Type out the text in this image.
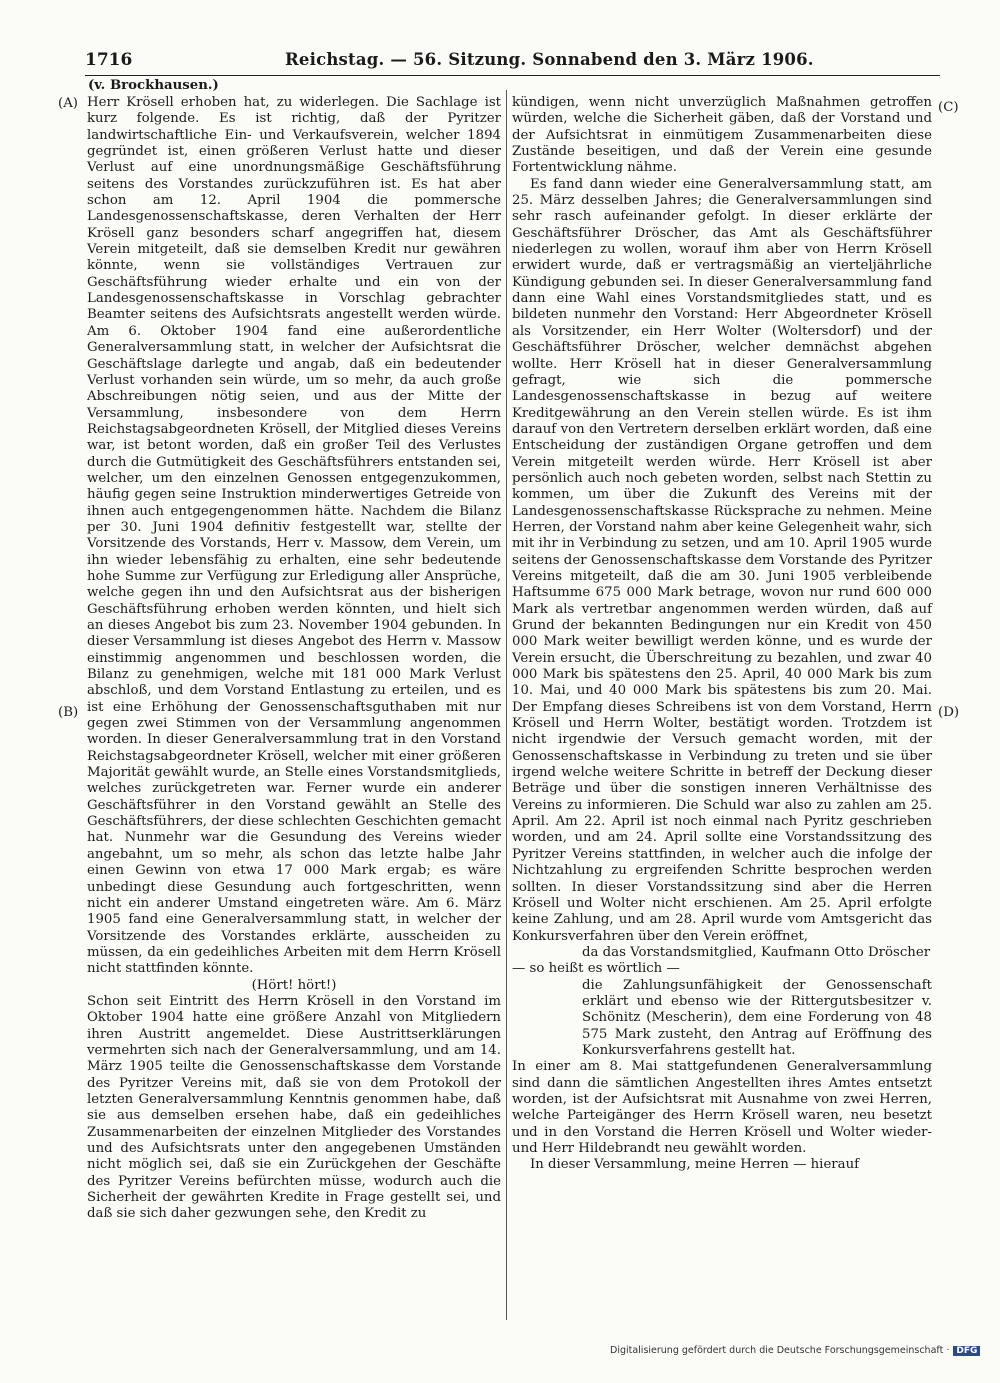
1716	Reichstag. — 56. Sitzung. Sonnabend den 3. März 1906.
(v. Brockhausen.)
(A)
(B)
(C)
(D)

Herr Krösell erhoben hat, zu widerlegen. Die Sachlage ist kurz folgende. Es ist richtig, daß der Pyritzer landwirtschaftliche Ein- und Verkaufsverein, welcher 1894 gegründet ist, einen größeren Verlust hatte und dieser Verlust auf eine unordnungsmäßige Geschäftsführung seitens des Vorstandes zurückzuführen ist. Es hat aber schon am 12. April 1904 die pommersche Landesgenossenschaftskasse, deren Verhalten der Herr Krösell ganz besonders scharf angegriffen hat, diesem Verein mitgeteilt, daß sie demselben Kredit nur gewähren könnte, wenn sie vollständiges Vertrauen zur Geschäftsführung wieder erhalte und ein von der Landesgenossenschaftskasse in Vorschlag gebrachter Beamter seitens des Aufsichtsrats angestellt werden würde. Am 6. Oktober 1904 fand eine außerordentliche Generalversammlung statt, in welcher der Aufsichtsrat die Geschäftslage darlegte und angab, daß ein bedeutender Verlust vorhanden sein würde, um so mehr, da auch große Abschreibungen nötig seien, und aus der Mitte der Versammlung, insbesondere von dem Herrn Reichstagsabgeordneten Krösell, der Mitglied dieses Vereins war, ist betont worden, daß ein großer Teil des Verlustes durch die Gutmütigkeit des Geschäftsführers entstanden sei, welcher, um den einzelnen Genossen entgegenzukommen, häufig gegen seine Instruktion minderwertiges Getreide von ihnen auch entgegengenommen hätte. Nachdem die Bilanz per 30. Juni 1904 definitiv festgestellt war, stellte der Vorsitzende des Vorstands, Herr v. Massow, dem Verein, um ihn wieder lebensfähig zu erhalten, eine sehr bedeutende hohe Summe zur Verfügung zur Erledigung aller Ansprüche, welche gegen ihn und den Aufsichtsrat aus der bisherigen Geschäftsführung erhoben werden könnten, und hielt sich an dieses Angebot bis zum 23. November 1904 gebunden. In dieser Versammlung ist dieses Angebot des Herrn v. Massow einstimmig angenommen und beschlossen worden, die Bilanz zu genehmigen, welche mit 181 000 Mark Verlust abschloß, und dem Vorstand Entlastung zu erteilen, und es ist eine Erhöhung der Genossenschaftsguthaben mit nur gegen zwei Stimmen von der Versammlung angenommen worden. In dieser Generalversammlung trat in den Vorstand Reichstagsabgeordneter Krösell, welcher mit einer größeren Majorität gewählt wurde, an Stelle eines Vorstandsmitglieds, welches zurückgetreten war. Ferner wurde ein anderer Geschäftsführer in den Vorstand gewählt an Stelle des Geschäftsführers, der diese schlechten Geschichten gemacht hat. Nunmehr war die Gesundung des Vereins wieder angebahnt, um so mehr, als schon das letzte halbe Jahr einen Gewinn von etwa 17 000 Mark ergab; es wäre unbedingt diese Gesundung auch fortgeschritten, wenn nicht ein anderer Umstand eingetreten wäre. Am 6. März 1905 fand eine Generalversammlung statt, in welcher der Vorsitzende des Vorstandes erklärte, ausscheiden zu müssen, da ein gedeihliches Arbeiten mit dem Herrn Krösell nicht stattfinden könnte.

(Hört! hört!)

Schon seit Eintritt des Herrn Krösell in den Vorstand im Oktober 1904 hatte eine größere Anzahl von Mitgliedern ihren Austritt angemeldet. Diese Austrittserklärungen vermehrten sich nach der Generalversammlung, und am 14. März 1905 teilte die Genossenschaftskasse dem Vorstande des Pyritzer Vereins mit, daß sie von dem Protokoll der letzten Generalversammlung Kenntnis genommen habe, daß sie aus demselben ersehen habe, daß ein gedeihliches Zusammenarbeiten der einzelnen Mitglieder des Vorstandes und des Aufsichtsrats unter den angegebenen Umständen nicht möglich sei, daß sie ein Zurückgehen der Geschäfte des Pyritzer Vereins befürchten müsse, wodurch auch die Sicherheit der gewährten Kredite in Frage gestellt sei, und daß sie sich daher gezwungen sehe, den Kredit zu

kündigen, wenn nicht unverzüglich Maßnahmen getroffen würden, welche die Sicherheit gäben, daß der Vorstand und der Aufsichtsrat in einmütigem Zusammenarbeiten diese Zustände beseitigen, und daß der Verein eine gesunde Fortentwicklung nähme.

Es fand dann wieder eine Generalversammlung statt, am 25. März desselben Jahres; die Generalversammlungen sind sehr rasch aufeinander gefolgt. In dieser erklärte der Geschäftsführer Dröscher, das Amt als Geschäftsführer niederlegen zu wollen, worauf ihm aber von Herrn Krösell erwidert wurde, daß er vertragsmäßig an vierteljährliche Kündigung gebunden sei. In dieser Generalversammlung fand dann eine Wahl eines Vorstandsmitgliedes statt, und es bildeten nunmehr den Vorstand: Herr Abgeordneter Krösell als Vorsitzender, ein Herr Wolter (Woltersdorf) und der Geschäftsführer Dröscher, welcher demnächst abgehen wollte. Herr Krösell hat in dieser Generalversammlung gefragt, wie sich die pommersche Landesgenossenschaftskasse in bezug auf weitere Kreditgewährung an den Verein stellen würde. Es ist ihm darauf von den Vertretern derselben erklärt worden, daß eine Entscheidung der zuständigen Organe getroffen und dem Verein mitgeteilt werden würde. Herr Krösell ist aber persönlich auch noch gebeten worden, selbst nach Stettin zu kommen, um über die Zukunft des Vereins mit der Landesgenossenschaftskasse Rücksprache zu nehmen. Meine Herren, der Vorstand nahm aber keine Gelegenheit wahr, sich mit ihr in Verbindung zu setzen, und am 10. April 1905 wurde seitens der Genossenschaftskasse dem Vorstande des Pyritzer Vereins mitgeteilt, daß die am 30. Juni 1905 verbleibende Haftsumme 675 000 Mark betrage, wovon nur rund 600 000 Mark als vertretbar angenommen werden würden, daß auf Grund der bekannten Bedingungen nur ein Kredit von 450 000 Mark weiter bewilligt werden könne, und es wurde der Verein ersucht, die Überschreitung zu bezahlen, und zwar 40 000 Mark bis spätestens den 25. April, 40 000 Mark bis zum 10. Mai, und 40 000 Mark bis spätestens bis zum 20. Mai. Der Empfang dieses Schreibens ist von dem Vorstand, Herrn Krösell und Herrn Wolter, bestätigt worden. Trotzdem ist nicht irgendwie der Versuch gemacht worden, mit der Genossenschaftskasse in Verbindung zu treten und sie über irgend welche weitere Schritte in betreff der Deckung dieser Beträge und über die sonstigen inneren Verhältnisse des Vereins zu informieren. Die Schuld war also zu zahlen am 25. April. Am 22. April ist noch einmal nach Pyritz geschrieben worden, und am 24. April sollte eine Vorstandssitzung des Pyritzer Vereins stattfinden, in welcher auch die infolge der Nichtzahlung zu ergreifenden Schritte besprochen werden sollten. In dieser Vorstandssitzung sind aber die Herren Krösell und Wolter nicht erschienen. Am 25. April erfolgte keine Zahlung, und am 28. April wurde vom Amtsgericht das Konkursverfahren über den Verein eröffnet,

da das Vorstandsmitglied, Kaufmann Otto Dröscher

— so heißt es wörtlich —

die Zahlungsunfähigkeit der Genossenschaft erklärt und ebenso wie der Rittergutsbesitzer v. Schönitz (Mescherin), dem eine Forderung von 48 575 Mark zusteht, den Antrag auf Eröffnung des Konkursverfahrens gestellt hat.

In einer am 8. Mai stattgefundenen Generalversammlung sind dann die sämtlichen Angestellten ihres Amtes entsetzt worden, ist der Aufsichtsrat mit Ausnahme von zwei Herren, welche Parteigänger des Herrn Krösell waren, neu besetzt und in den Vorstand die Herren Krösell und Wolter wieder- und Herr Hildebrandt neu gewählt worden.

In dieser Versammlung, meine Herren — hierauf

Digitalisierung gefördert durch die Deutsche Forschungsgemeinschaft · DFG
